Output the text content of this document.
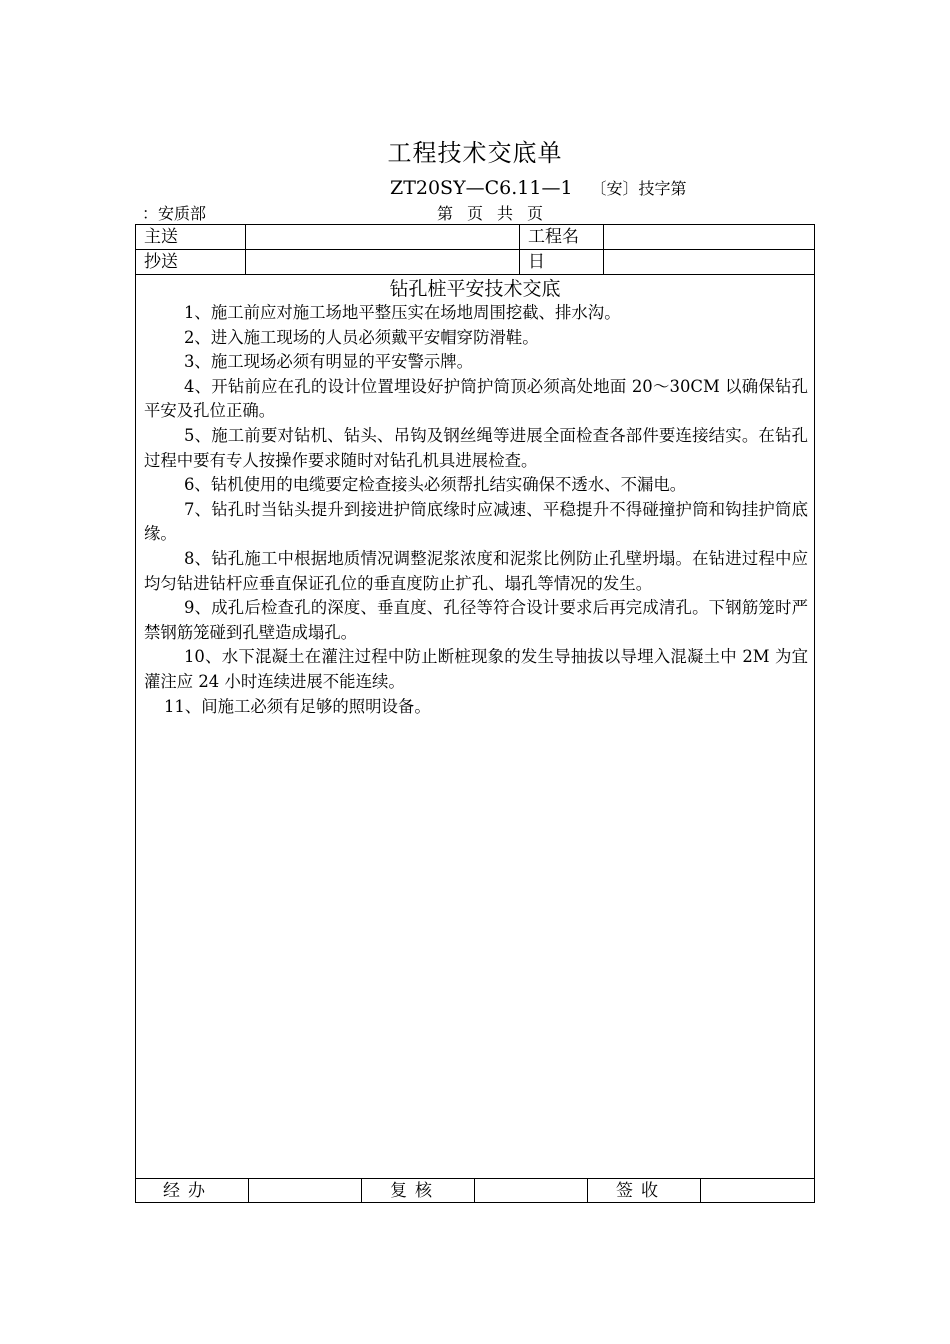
工程技术交底单
ZT20SY—C6.11—1 〔安〕技字第
：安质部	第 页 共 页
主送	工程名
抄送	日
钻孔桩平安技术交底

1、施工前应对施工场地平整压实在场地周围挖截、排水沟。

2、进入施工现场的人员必须戴平安帽穿防滑鞋。

3、施工现场必须有明显的平安警示牌。

4、开钻前应在孔的设计位置埋设好护筒护筒顶必须高处地面 20～30CM 以确保钻孔平安及孔位正确。

5、施工前要对钻机、钻头、吊钩及钢丝绳等进展全面检查各部件要连接结实。在钻孔过程中要有专人按操作要求随时对钻孔机具进展检查。

6、钻机使用的电缆要定检查接头必须帮扎结实确保不透水、不漏电。

7、钻孔时当钻头提升到接进护筒底缘时应减速、平稳提升不得碰撞护筒和钩挂护筒底缘。

8、钻孔施工中根据地质情况调整泥浆浓度和泥浆比例防止孔壁坍塌。在钻进过程中应均匀钻进钻杆应垂直保证孔位的垂直度防止扩孔、塌孔等情况的发生。

9、成孔后检查孔的深度、垂直度、孔径等符合设计要求后再完成清孔。下钢筋笼时严禁钢筋笼碰到孔壁造成塌孔。

10、水下混凝土在灌注过程中防止断桩现象的发生导抽拔以导埋入混凝土中 2M 为宜灌注应 24 小时连续进展不能连续。

11、间施工必须有足够的照明设备。

经办	复核	签收
